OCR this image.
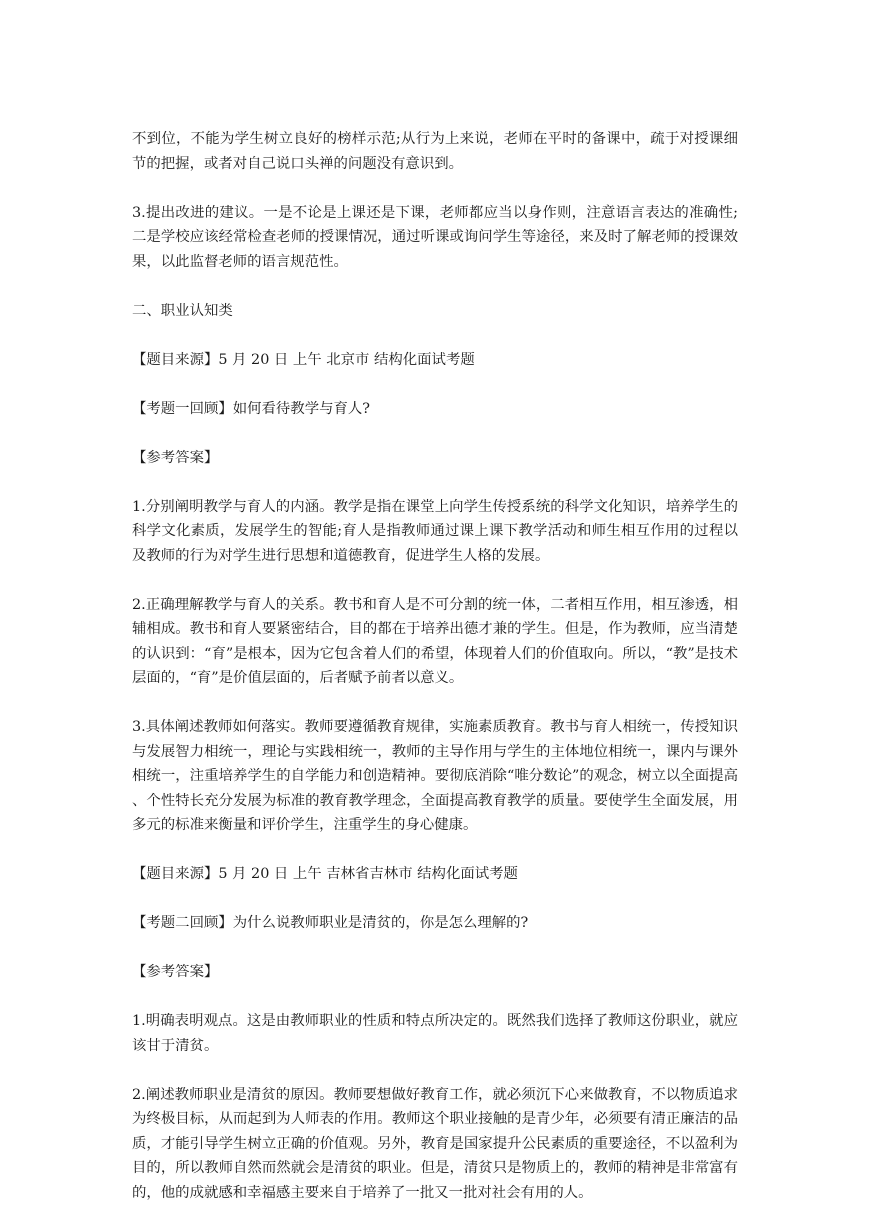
不到位，不能为学生树立良好的榜样示范;从行为上来说，老师在平时的备课中，疏于对授课细节的把握，或者对自己说口头禅的问题没有意识到。

3.提出改进的建议。一是不论是上课还是下课，老师都应当以身作则，注意语言表达的准确性;二是学校应该经常检查老师的授课情况，通过听课或询问学生等途径，来及时了解老师的授课效果，以此监督老师的语言规范性。

二、职业认知类

【题目来源】5 月 20 日 上午 北京市 结构化面试考题

【考题一回顾】如何看待教学与育人?

【参考答案】

1.分别阐明教学与育人的内涵。教学是指在课堂上向学生传授系统的科学文化知识，培养学生的科学文化素质，发展学生的智能;育人是指教师通过课上课下教学活动和师生相互作用的过程以及教师的行为对学生进行思想和道德教育，促进学生人格的发展。

2.正确理解教学与育人的关系。教书和育人是不可分割的统一体，二者相互作用，相互渗透，相辅相成。教书和育人要紧密结合，目的都在于培养出德才兼的学生。但是，作为教师，应当清楚的认识到：“育”是根本，因为它包含着人们的希望，体现着人们的价值取向。所以，“教”是技术层面的，“育”是价值层面的，后者赋予前者以意义。

3.具体阐述教师如何落实。教师要遵循教育规律，实施素质教育。教书与育人相统一，传授知识与发展智力相统一，理论与实践相统一，教师的主导作用与学生的主体地位相统一，课内与课外相统一，注重培养学生的自学能力和创造精神。要彻底消除“唯分数论”的观念，树立以全面提高、个性特长充分发展为标准的教育教学理念，全面提高教育教学的质量。要使学生全面发展，用多元的标准来衡量和评价学生，注重学生的身心健康。

【题目来源】5 月 20 日 上午 吉林省吉林市 结构化面试考题

【考题二回顾】为什么说教师职业是清贫的，你是怎么理解的?

【参考答案】

1.明确表明观点。这是由教师职业的性质和特点所决定的。既然我们选择了教师这份职业，就应该甘于清贫。

2.阐述教师职业是清贫的原因。教师要想做好教育工作，就必须沉下心来做教育，不以物质追求为终极目标，从而起到为人师表的作用。教师这个职业接触的是青少年，必须要有清正廉洁的品质，才能引导学生树立正确的价值观。另外，教育是国家提升公民素质的重要途径，不以盈利为目的，所以教师自然而然就会是清贫的职业。但是，清贫只是物质上的，教师的精神是非常富有的，他的成就感和幸福感主要来自于培养了一批又一批对社会有用的人。
